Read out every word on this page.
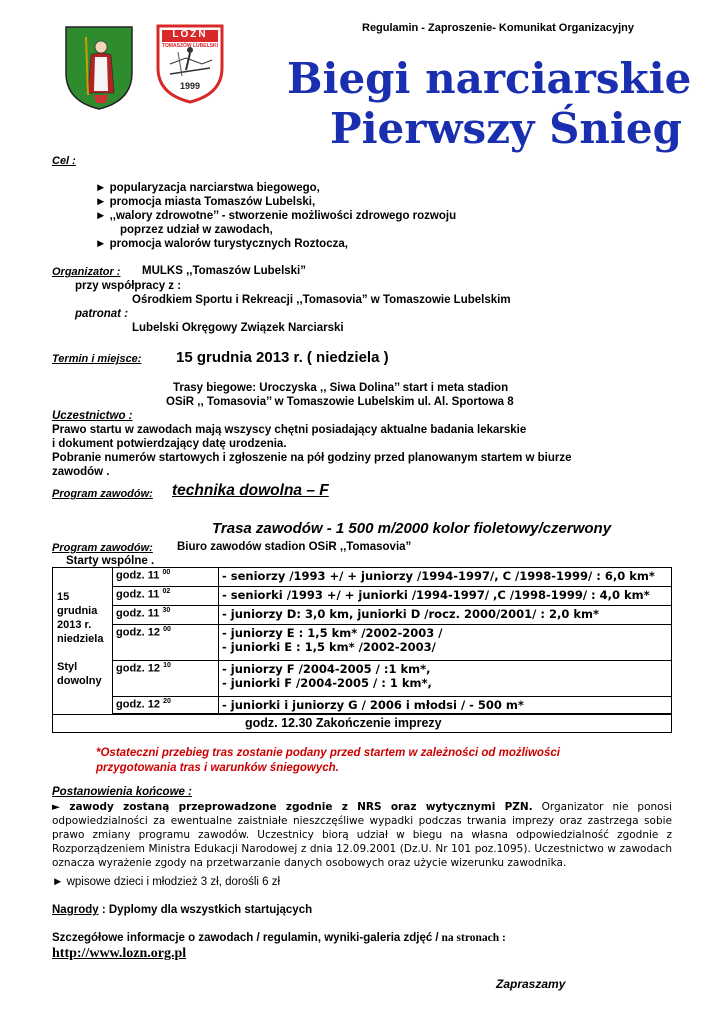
Regulamin - Zaproszenie- Komunikat Organizacyjny
LOZN
TOMASZÓW LUBELSKI
1999	Biegi narciarskie
Pierwszy Śnieg
Cel :
► popularyzacja narciarstwa biegowego,
► promocja miasta Tomaszów Lubelski,
► ,,walory zdrowotne’’ - stworzenie możliwości zdrowego rozwoju
poprzez udział w zawodach,
► promocja walorów turystycznych Roztocza,
Organizator : MULKS ,,Tomaszów Lubelski”
przy współpracy z :
Ośrodkiem Sportu i Rekreacji ,,Tomasovia” w Tomaszowie Lubelskim
patronat :
Lubelski Okręgowy Związek Narciarski
Termin i miejsce: 15 grudnia 2013 r. ( niedziela )
Trasy biegowe: Uroczyska ,, Siwa Dolina’’ start i meta stadion
OSiR ,, Tomasovia’’ w Tomaszowie Lubelskim ul. Al. Sportowa 8
Uczestnictwo :
Prawo startu w zawodach mają wszyscy chętni posiadający aktualne badania lekarskie
i dokument potwierdzający datę urodzenia.
Pobranie numerów startowych i zgłoszenie na pół godziny przed planowanym startem w biurze
zawodów .
Program zawodów: technika dowolna – F
Trasa zawodów - 1 500 m/2000 kolor fioletowy/czerwony
Program zawodów: Biuro zawodów stadion OSiR ,,Tomasovia”
Starty wspólne .
15 grudnia
2013 r.
niedziela
Styl
dowolny	godz. 11 $^{00}$	- seniorzy /1993 +/ + juniorzy /1994-1997/, C /1998-1999/ : 6,0 km*
	godz. 11 $^{02}$	- seniorki /1993 +/ + juniorki /1994-1997/ ,C /1998-1999/ : 4,0 km*
	godz. 11 $^{30}$	- juniorzy D: 3,0 km, juniorki D /rocz. 2000/2001/ : 2,0 km*
	godz. 12 $^{00}$	- juniorzy E : 1,5 km* /2002-2003 /
- juniorki E : 1,5 km* /2002-2003/

	godz. 12 $^{10}$	- juniorzy F /2004-2005 / :1 km*,
- juniorki F /2004-2005 / : 1 km*,

	godz. 12 $^{20}$	- juniorki i juniorzy G / 2006 i młodsi / - 500 m*

godz. 12.30 Zakończenie imprezy		
*Ostateczni przebieg tras zostanie podany przed startem w zależności od możliwości
przygotowania tras i warunków śniegowych.
Postanowienia końcowe :
► zawody zostaną przeprowadzone zgodnie z NRS oraz wytycznymi PZN. Organizator nie ponosi odpowiedzialności za ewentualne zaistniałe nieszczęśliwe wypadki podczas trwania imprezy oraz zastrzega sobie prawo zmiany programu zawodów. Uczestnicy biorą udział w biegu na własna odpowiedzialność zgodnie z Rozporządzeniem Ministra Edukacji Narodowej z dnia 12.09.2001 (Dz.U. Nr 101 poz.1095). Uczestnictwo w zawodach oznacza wyrażenie zgody na przetwarzanie danych osobowych oraz użycie wizerunku zawodnika.
► wpisowe dzieci i młodzież 3 zł, dorośli 6 zł
Nagrody : Dyplomy dla wszystkich startujących
Szczegółowe informacje o zawodach / regulamin, wyniki-galeria zdjęć / na stronach :
http://www.lozn.org.pl
Zapraszamy
